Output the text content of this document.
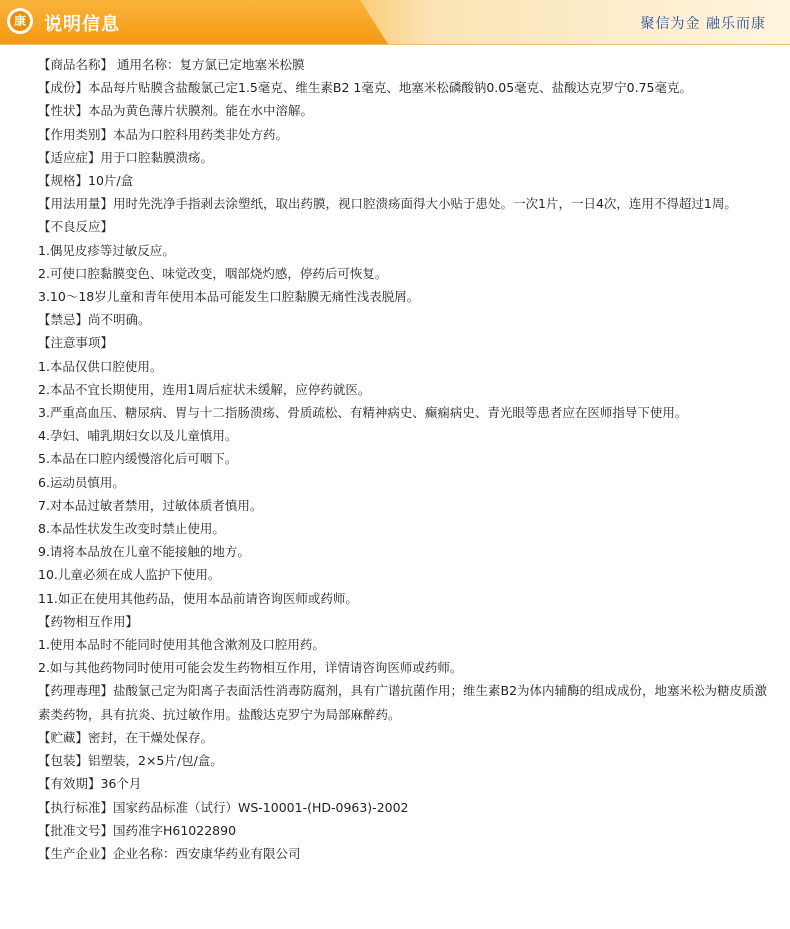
康 说明信息	聚信为金 融乐而康

【商品名称】 通用名称：复方氯已定地塞米松膜

【成份】本品每片贴膜含盐酸氯己定1.5毫克、维生素B2 1毫克、地塞米松磷酸钠0.05毫克、盐酸达克罗宁0.75毫克。

【性状】本品为黄色薄片状膜剂。能在水中溶解。

【作用类别】本品为口腔科用药类非处方药。

【适应症】用于口腔黏膜溃疡。

【规格】10片/盒

【用法用量】用时先洗净手指剥去涂塑纸，取出药膜，视口腔溃疡面得大小贴于患处。一次1片，一日4次，连用不得超过1周。

【不良反应】

1.偶见皮疹等过敏反应。

2.可使口腔黏膜变色、味觉改变，咽部烧灼感，停药后可恢复。

3.10～18岁儿童和青年使用本品可能发生口腔黏膜无痛性浅表脱屑。

【禁忌】尚不明确。

【注意事项】

1.本品仅供口腔使用。

2.本品不宜长期使用，连用1周后症状未缓解，应停药就医。

3.严重高血压、糖尿病、胃与十二指肠溃疡、骨质疏松、有精神病史、癫痫病史、青光眼等患者应在医师指导下使用。

4.孕妇、哺乳期妇女以及儿童慎用。

5.本品在口腔内缓慢溶化后可咽下。

6.运动员慎用。

7.对本品过敏者禁用，过敏体质者慎用。

8.本品性状发生改变时禁止使用。

9.请将本品放在儿童不能接触的地方。

10.儿童必须在成人监护下使用。

11.如正在使用其他药品，使用本品前请咨询医师或药师。

【药物相互作用】

1.使用本品时不能同时使用其他含漱剂及口腔用药。

2.如与其他药物同时使用可能会发生药物相互作用，详情请咨询医师或药师。

【药理毒理】盐酸氯己定为阳离子表面活性消毒防腐剂，具有广谱抗菌作用；维生素B2为体内辅酶的组成成份，地塞米松为糖皮质激素类药物，具有抗炎、抗过敏作用。盐酸达克罗宁为局部麻醉药。

【贮藏】密封，在干燥处保存。

【包装】铝塑装，2×5片/包/盒。

【有效期】36个月

【执行标准】国家药品标准（试行）WS-10001-(HD-0963)-2002

【批准文号】国药准字H61022890

【生产企业】企业名称：西安康华药业有限公司
